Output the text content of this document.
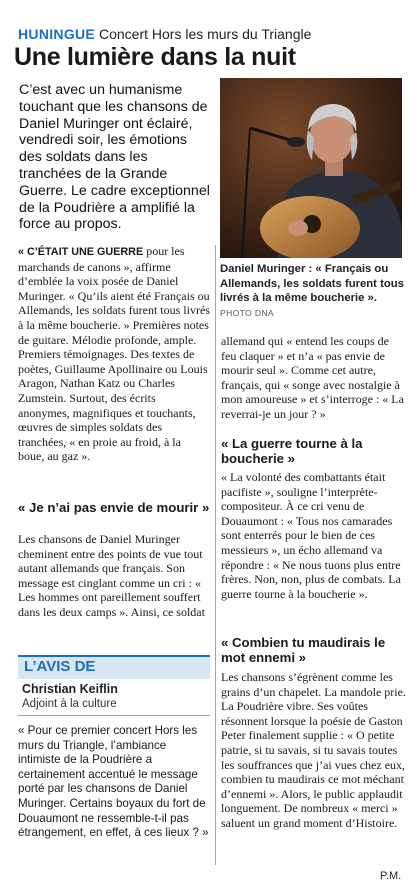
HUNINGUE Concert Hors les murs du Triangle
Une lumière dans la nuit
C’est avec un humanisme touchant que les chansons de Daniel Muringer ont éclairé, vendredi soir, les émotions des soldats dans les tranchées de la Grande Guerre. Le cadre exceptionnel de la Poudrière a amplifié la force au propos.
Daniel Muringer : « Français ou Allemands, les soldats furent tous livrés à la même boucherie ». PHOTO DNA
« C’ÉTAIT UNE GUERRE pour les marchands de canons », affirme d’emblée la voix posée de Daniel Muringer. « Qu’ils aient été Français ou Allemands, les soldats furent tous livrés à la même boucherie. » Premières notes de guitare. Mélodie profonde, ample. Premiers témoignages. Des textes de poètes, Guillaume Apollinaire ou Louis Aragon, Nathan Katz ou Charles Zumstein. Surtout, des écrits anonymes, magnifiques et touchants, œuvres de simples soldats des tranchées, « en proie au froid, à la boue, au gaz ».
« Je n’ai pas envie de mourir »
Les chansons de Daniel Muringer cheminent entre des points de vue tout autant allemands que français. Son message est cinglant comme un cri : « Les hommes ont pareillement souffert dans les deux camps ». Ainsi, ce soldat
L’AVIS DE
Christian Keiflin
Adjoint à la culture
« Pour ce premier concert Hors les murs du Triangle, l’ambiance intimiste de la Poudrière a certainement accentué le message porté par les chansons de Daniel Muringer. Certains boyaux du fort de Douaumont ne ressemble-t-il pas étrangement, en effet, à ces lieux ? »
allemand qui « entend les coups de feu claquer » et n’a « pas envie de mourir seul ». Comme cet autre, français, qui « songe avec nostalgie à mon amoureuse » et s’interroge : « La reverrai-je un jour ? »
« La guerre tourne à la boucherie »
« La volonté des combattants était pacifiste », souligne l’interprète-compositeur. À ce cri venu de Douaumont : « Tous nos camarades sont enterrés pour le bien de ces messieurs », un écho allemand va répondre : « Ne nous tuons plus entre frères. Non, non, plus de combats. La guerre tourne à la boucherie ».
« Combien tu maudirais le mot ennemi »
Les chansons s’égrènent comme les grains d’un chapelet. La mandole prie. La Poudrière vibre. Ses voûtes résonnent lorsque la poésie de Gaston Peter finalement supplie : « O petite patrie, si tu savais, si tu savais toutes les souffrances que j’ai vues chez eux, combien tu maudirais ce mot méchant d’ennemi ». Alors, le public applaudit longuement. De nombreux « merci » saluent un grand moment d’Histoire.
P.M.
